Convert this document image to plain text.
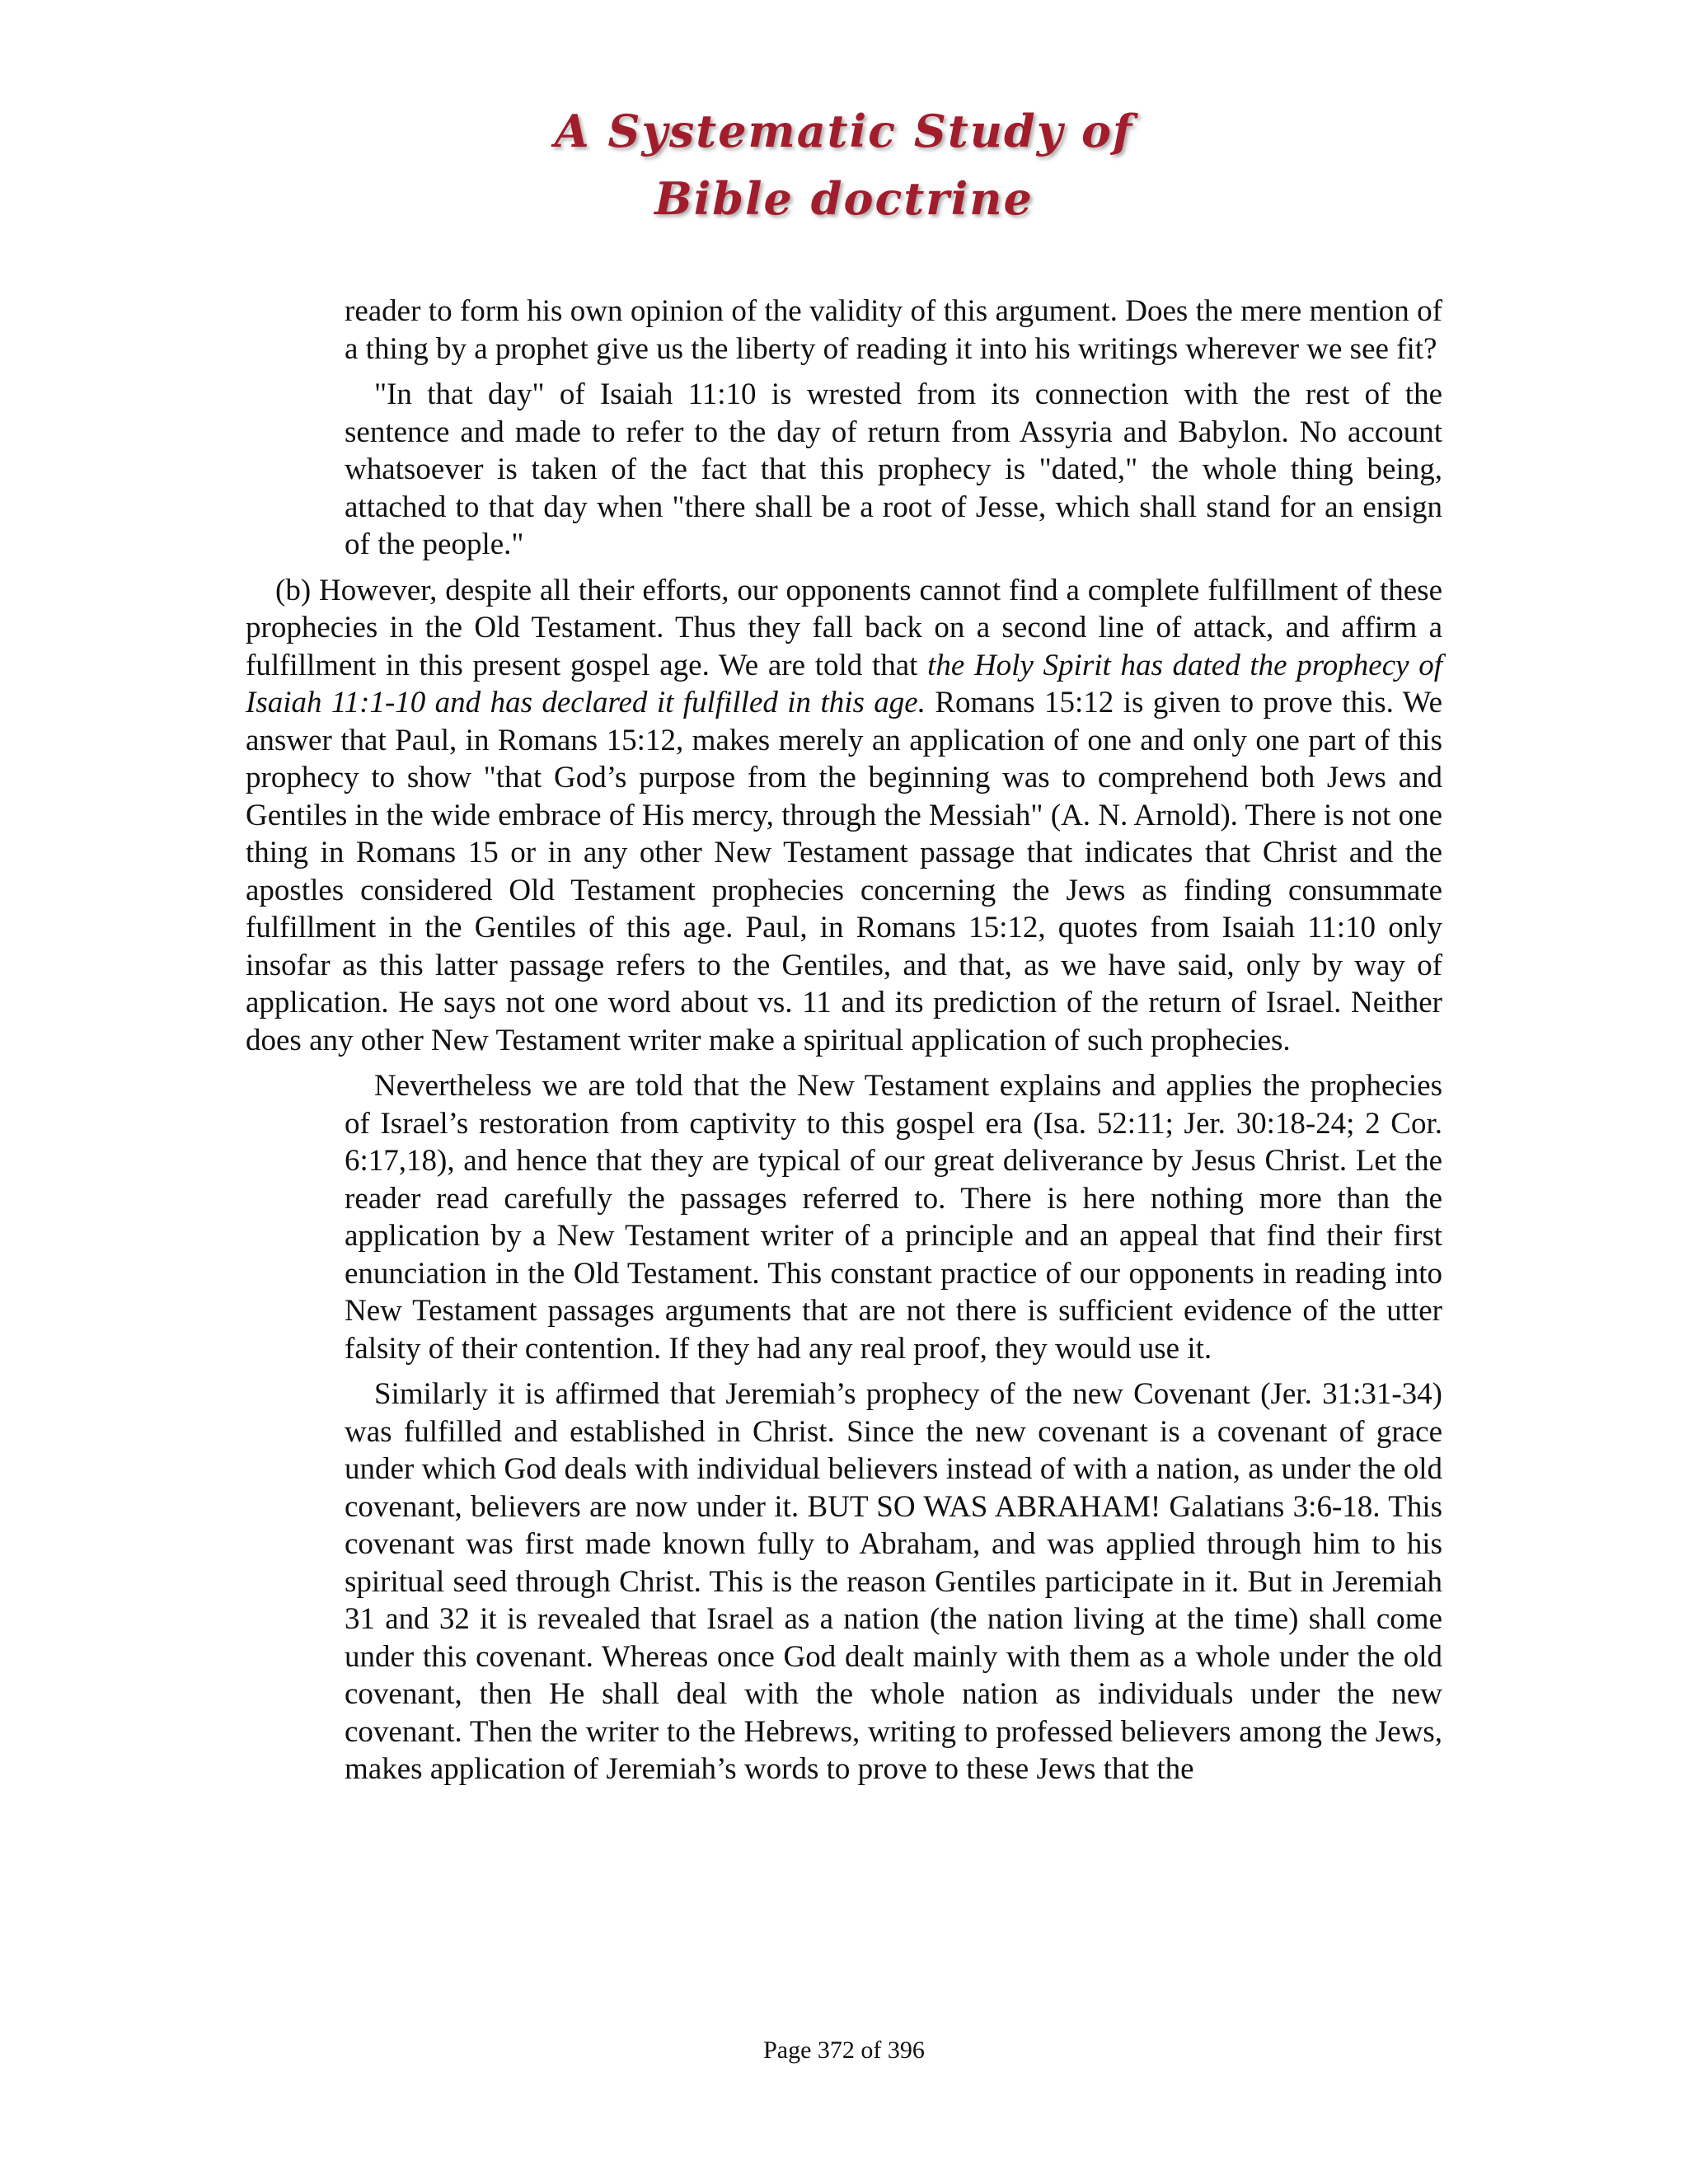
A Systematic Study of
Bible doctrine

reader to form his own opinion of the validity of this argument. Does the mere mention of a thing by a prophet give us the liberty of reading it into his writings wherever we see fit?

"In that day" of Isaiah 11:10 is wrested from its connection with the rest of the sentence and made to refer to the day of return from Assyria and Babylon. No account whatsoever is taken of the fact that this prophecy is "dated," the whole thing being, attached to that day when "there shall be a root of Jesse, which shall stand for an ensign of the people."

(b) However, despite all their efforts, our opponents cannot find a complete fulfillment of these prophecies in the Old Testament. Thus they fall back on a second line of attack, and affirm a fulfillment in this present gospel age. We are told that the Holy Spirit has dated the prophecy of Isaiah 11:1-10 and has declared it fulfilled in this age. Romans 15:12 is given to prove this. We answer that Paul, in Romans 15:12, makes merely an application of one and only one part of this prophecy to show "that God’s purpose from the beginning was to comprehend both Jews and Gentiles in the wide embrace of His mercy, through the Messiah" (A. N. Arnold). There is not one thing in Romans 15 or in any other New Testament passage that indicates that Christ and the apostles considered Old Testament prophecies concerning the Jews as finding consummate fulfillment in the Gentiles of this age. Paul, in Romans 15:12, quotes from Isaiah 11:10 only insofar as this latter passage refers to the Gentiles, and that, as we have said, only by way of application. He says not one word about vs. 11 and its prediction of the return of Israel. Neither does any other New Testament writer make a spiritual application of such prophecies.

Nevertheless we are told that the New Testament explains and applies the prophecies of Israel’s restoration from captivity to this gospel era (Isa. 52:11; Jer. 30:18-24; 2 Cor. 6:17,18), and hence that they are typical of our great deliverance by Jesus Christ. Let the reader read carefully the passages referred to. There is here nothing more than the application by a New Testament writer of a principle and an appeal that find their first enunciation in the Old Testament. This constant practice of our opponents in reading into New Testament passages arguments that are not there is sufficient evidence of the utter falsity of their contention. If they had any real proof, they would use it.

Similarly it is affirmed that Jeremiah’s prophecy of the new Covenant (Jer. 31:31-34) was fulfilled and established in Christ. Since the new covenant is a covenant of grace under which God deals with individual believers instead of with a nation, as under the old covenant, believers are now under it. BUT SO WAS ABRAHAM! Galatians 3:6-18. This covenant was first made known fully to Abraham, and was applied through him to his spiritual seed through Christ. This is the reason Gentiles participate in it. But in Jeremiah 31 and 32 it is revealed that Israel as a nation (the nation living at the time) shall come under this covenant. Whereas once God dealt mainly with them as a whole under the old covenant, then He shall deal with the whole nation as individuals under the new covenant. Then the writer to the Hebrews, writing to professed believers among the Jews, makes application of Jeremiah’s words to prove to these Jews that the

Page 372 of 396
